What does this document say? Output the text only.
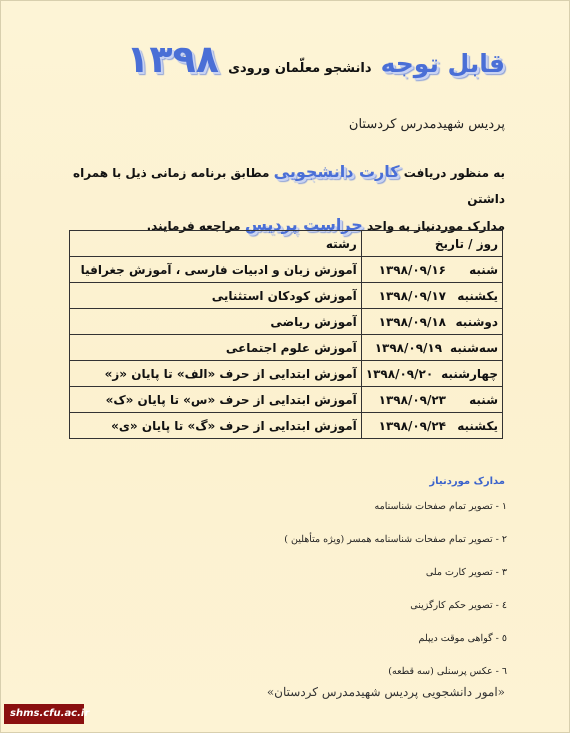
قابل توجه دانشجو معلّمان ورودی ۱۳۹۸
پردیس شهیدمدرس کردستان
به منظور دریافت کارت دانشجویی مطابق برنامه زمانی ذیل با همراه داشتن
مدارک موردنیاز به واحد حراست پردیس مراجعه فرمایند.
روز / تاریخ	رشته
شنبه۱۳۹۸/۰۹/۱۶	آموزش زبان و ادبیات فارسی ، آموزش جغرافیا
یکشنبه۱۳۹۸/۰۹/۱۷	آموزش کودکان استثنایی
دوشنبه۱۳۹۸/۰۹/۱۸	آموزش ریاضی
سه‌شنبه۱۳۹۸/۰۹/۱۹	آموزش علوم اجتماعی
چهارشنبه۱۳۹۸/۰۹/۲۰	آموزش ابتدایی از حرف «الف» تا پایان «ز»
شنبه۱۳۹۸/۰۹/۲۳	آموزش ابتدایی از حرف «س» تا پایان «ک»
یکشنبه۱۳۹۸/۰۹/۲۴	آموزش ابتدایی از حرف «گ» تا پایان «ی»
مدارک موردنیاز
۱ - تصویر تمام صفحات شناسنامه
۲ - تصویر تمام صفحات شناسنامه همسر (ویژه متأهلین )
۳ - تصویر کارت ملی
٤ - تصویر حکم کارگزینی
٥ - گواهی موقت دیپلم
٦ - عکس پرسنلی (سه قطعه)
«امور دانشجویی پردیس شهیدمدرس کردستان»
shms.cfu.ac.ir
